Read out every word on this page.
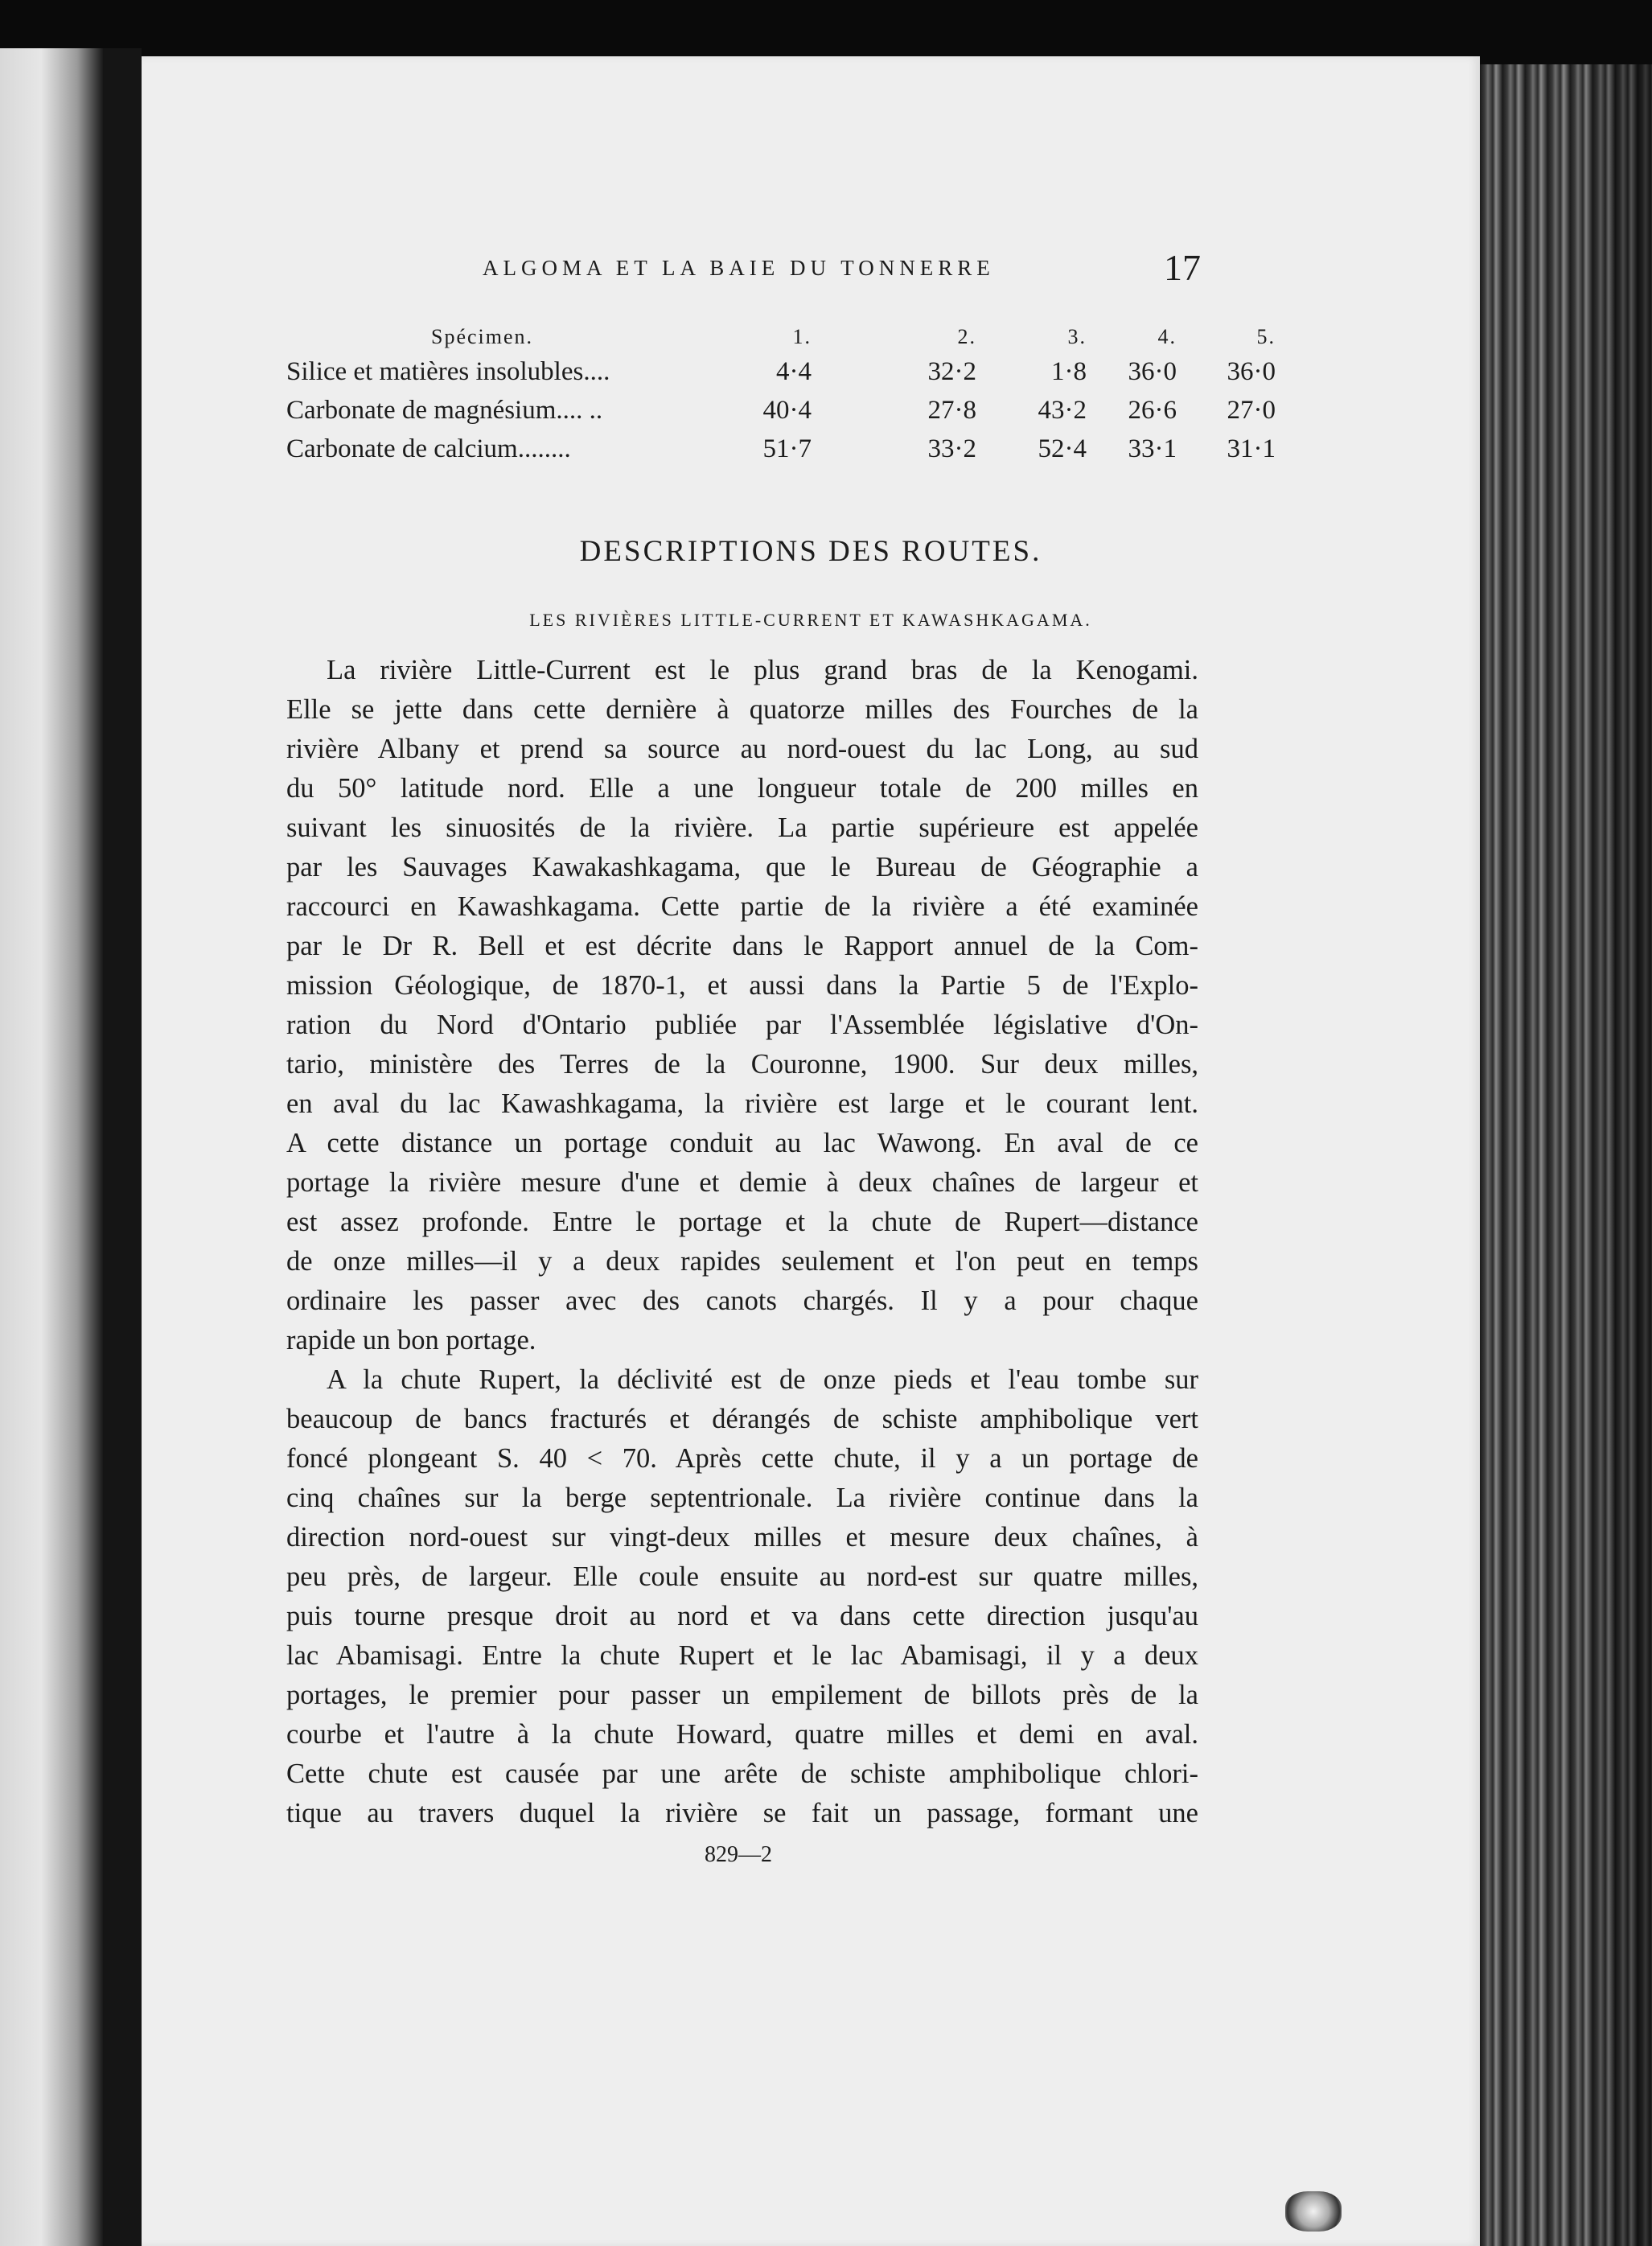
ALGOMA ET LA BAIE DU TONNERRE	17
Spécimen.	1.	2.	3.	4.	5.
Silice et matières insolubles....	4·4	32·2	1·8	36·0	36·0
Carbonate de magnésium.... ..	40·4	27·8	43·2	26·6	27·0
Carbonate de calcium........	51·7	33·2	52·4	33·1	31·1
DESCRIPTIONS DES ROUTES.
LES RIVIÈRES LITTLE-CURRENT ET KAWASHKAGAMA.
La rivière Little-Current est le plus grand bras de la Kenogami.
Elle se jette dans cette dernière à quatorze milles des Fourches de la
rivière Albany et prend sa source au nord-ouest du lac Long, au sud
du 50° latitude nord. Elle a une longueur totale de 200 milles en
suivant les sinuosités de la rivière. La partie supérieure est appelée
par les Sauvages Kawakashkagama, que le Bureau de Géographie a
raccourci en Kawashkagama. Cette partie de la rivière a été examinée
par le Dr R. Bell et est décrite dans le Rapport annuel de la Com-
mission Géologique, de 1870-1, et aussi dans la Partie 5 de l'Explo-
ration du Nord d'Ontario publiée par l'Assemblée législative d'On-
tario, ministère des Terres de la Couronne, 1900. Sur deux milles,
en aval du lac Kawashkagama, la rivière est large et le courant lent.
A cette distance un portage conduit au lac Wawong. En aval de ce
portage la rivière mesure d'une et demie à deux chaînes de largeur et
est assez profonde. Entre le portage et la chute de Rupert—distance
de onze milles—il y a deux rapides seulement et l'on peut en temps
ordinaire les passer avec des canots chargés. Il y a pour chaque
rapide un bon portage.
A la chute Rupert, la déclivité est de onze pieds et l'eau tombe sur
beaucoup de bancs fracturés et dérangés de schiste amphibolique vert
foncé plongeant S. 40 < 70. Après cette chute, il y a un portage de
cinq chaînes sur la berge septentrionale. La rivière continue dans la
direction nord-ouest sur vingt-deux milles et mesure deux chaînes, à
peu près, de largeur. Elle coule ensuite au nord-est sur quatre milles,
puis tourne presque droit au nord et va dans cette direction jusqu'au
lac Abamisagi. Entre la chute Rupert et le lac Abamisagi, il y a deux
portages, le premier pour passer un empilement de billots près de la
courbe et l'autre à la chute Howard, quatre milles et demi en aval.
Cette chute est causée par une arête de schiste amphibolique chlori-
tique au travers duquel la rivière se fait un passage, formant une
829—2
